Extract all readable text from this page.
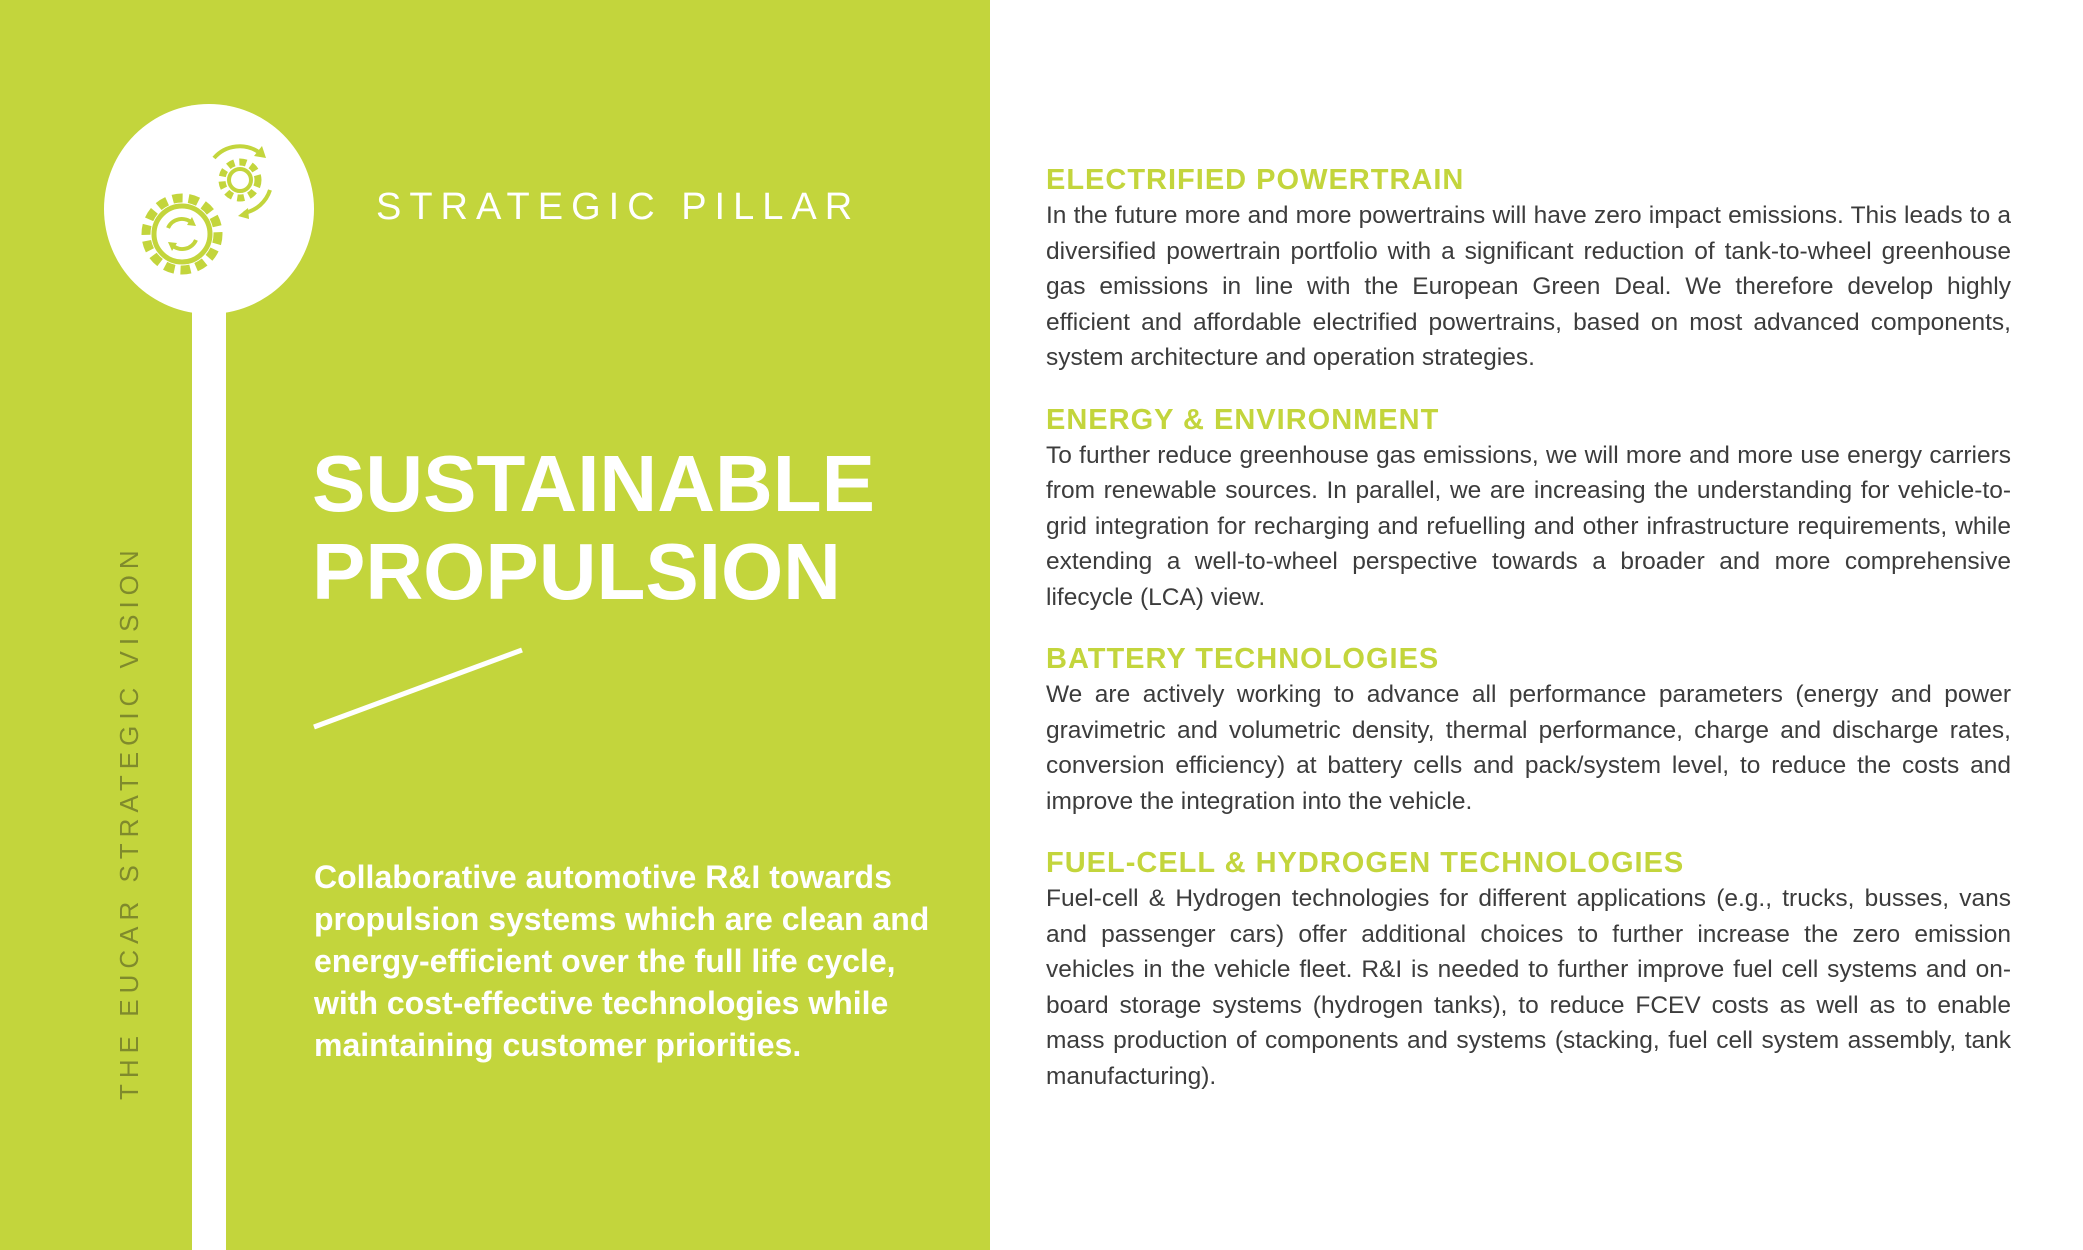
THE EUCAR STRATEGIC VISION
STRATEGIC PILLAR
SUSTAINABLE
PROPULSION

Collaborative automotive R&I towards propulsion systems which are clean and energy-efficient over the full life cycle, with cost-effective technologies while maintaining customer priorities.

ELECTRIFIED POWERTRAIN

In the future more and more powertrains will have zero impact emissions. This leads to a diversified powertrain portfolio with a significant reduction of tank-to-wheel greenhouse gas emissions in line with the European Green Deal. We therefore develop highly efficient and affordable electrified powertrains, based on most advanced components, system architecture and operation strategies.

ENERGY & ENVIRONMENT

To further reduce greenhouse gas emissions, we will more and more use energy carriers from renewable sources. In parallel, we are increasing the understanding for vehicle-to-grid integration for recharging and refuelling and other infrastructure requirements, while extending a well-to-wheel perspective towards a broader and more comprehensive lifecycle (LCA) view.

BATTERY TECHNOLOGIES

We are actively working to advance all performance parameters (energy and power gravimetric and volumetric density, thermal performance, charge and discharge rates, conversion efficiency) at battery cells and pack/system level, to reduce the costs and improve the integration into the vehicle.

FUEL-CELL & HYDROGEN TECHNOLOGIES

Fuel-cell & Hydrogen technologies for different applications (e.g., trucks, busses, vans and passenger cars) offer additional choices to further increase the zero emission vehicles in the vehicle fleet. R&I is needed to further improve fuel cell systems and on-board storage systems (hydrogen tanks), to reduce FCEV costs as well as to enable mass production of components and systems (stacking, fuel cell system assembly, tank manufacturing).
